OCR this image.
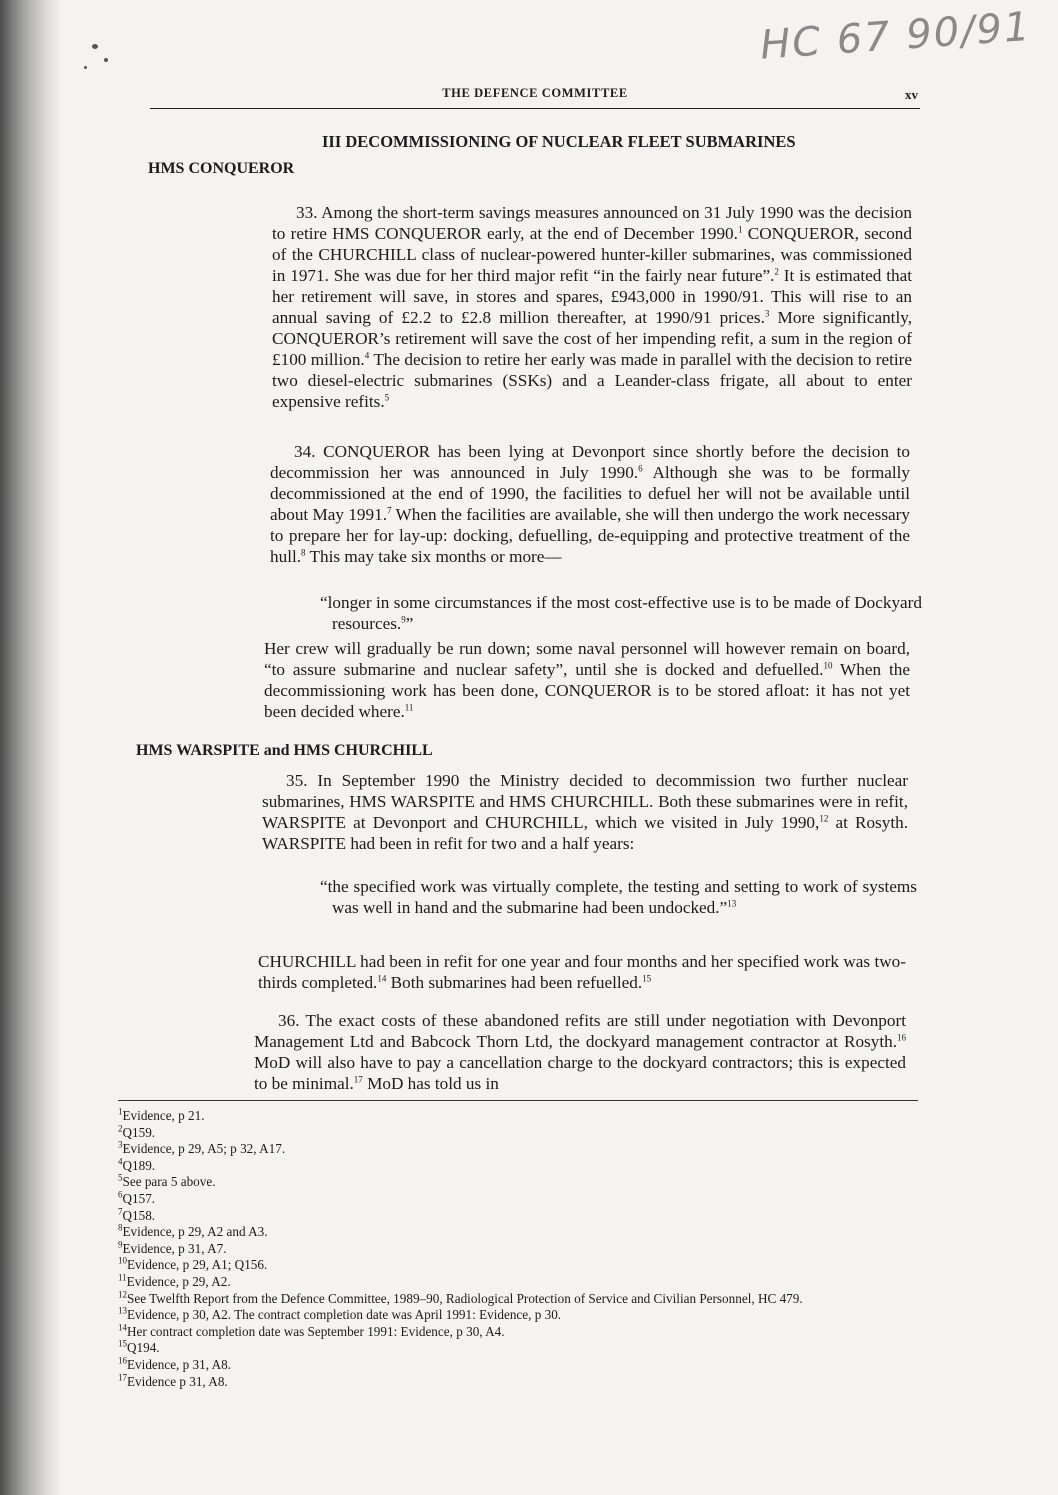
HC 67 90/91
THE DEFENCE COMMITTEE	xv
III DECOMMISSIONING OF NUCLEAR FLEET SUBMARINES
HMS CONQUEROR

33. Among the short-term savings measures announced on 31 July 1990 was the decision to retire HMS CONQUEROR early, at the end of December 1990.$^1$ CONQUEROR, second of the CHURCHILL class of nuclear-powered hunter-killer submarines, was commissioned in 1971. She was due for her third major refit “in the fairly near future”.$^2$ It is estimated that her retirement will save, in stores and spares, £943,000 in 1990/91. This will rise to an annual saving of £2.2 to £2.8 million thereafter, at 1990/91 prices.$^3$ More significantly, CONQUEROR’s retirement will save the cost of her impending refit, a sum in the region of £100 million.$^4$ The decision to retire her early was made in parallel with the decision to retire two diesel-electric submarines (SSKs) and a Leander-class frigate, all about to enter expensive refits.$^5$

34. CONQUEROR has been lying at Devonport since shortly before the decision to decommission her was announced in July 1990.$^6$ Although she was to be formally decommissioned at the end of 1990, the facilities to defuel her will not be available until about May 1991.$^7$ When the facilities are available, she will then undergo the work necessary to prepare her for lay-up: docking, defuelling, de-equipping and protective treatment of the hull.$^8$ This may take six months or more—

“longer in some circumstances if the most cost-effective use is to be made of Dockyard resources.$^9$”

Her crew will gradually be run down; some naval personnel will however remain on board, “to assure submarine and nuclear safety”, until she is docked and defuelled.$^{10}$ When the decommissioning work has been done, CONQUEROR is to be stored afloat: it has not yet been decided where.$^{11}$

HMS WARSPITE and HMS CHURCHILL

35. In September 1990 the Ministry decided to decommission two further nuclear submarines, HMS WARSPITE and HMS CHURCHILL. Both these submarines were in refit, WARSPITE at Devonport and CHURCHILL, which we visited in July 1990,12 at Rosyth. WARSPITE had been in refit for two and a half years:

“the specified work was virtually complete, the testing and setting to work of systems was well in hand and the submarine had been undocked.”$^{13}$

CHURCHILL had been in refit for one year and four months and her specified work was two-thirds completed.$^{14}$ Both submarines had been refuelled.$^{15}$

36. The exact costs of these abandoned refits are still under negotiation with Devonport Management Ltd and Babcock Thorn Ltd, the dockyard management contractor at Rosyth.$^{16}$ MoD will also have to pay a cancellation charge to the dockyard contractors; this is expected to be minimal.$^{17}$ MoD has told us in

$^1$Evidence, p 21.
$^2$Q159.
$^3$Evidence, p 29, A5; p 32, A17.
$^4$Q189.
$^5$See para 5 above.
$^6$Q157.
$^7$Q158.
$^8$Evidence, p 29, A2 and A3.
$^9$Evidence, p 31, A7.
$^{10}$Evidence, p 29, A1; Q156.
$^{11}$Evidence, p 29, A2.
$^{12}$See Twelfth Report from the Defence Committee, 1989–90, Radiological Protection of Service and Civilian Personnel, HC 479.
$^{13}$Evidence, p 30, A2. The contract completion date was April 1991: Evidence, p 30.
$^{14}$Her contract completion date was September 1991: Evidence, p 30, A4.
$^{15}$Q194.
$^{16}$Evidence, p 31, A8.
$^{17}$Evidence p 31, A8.
